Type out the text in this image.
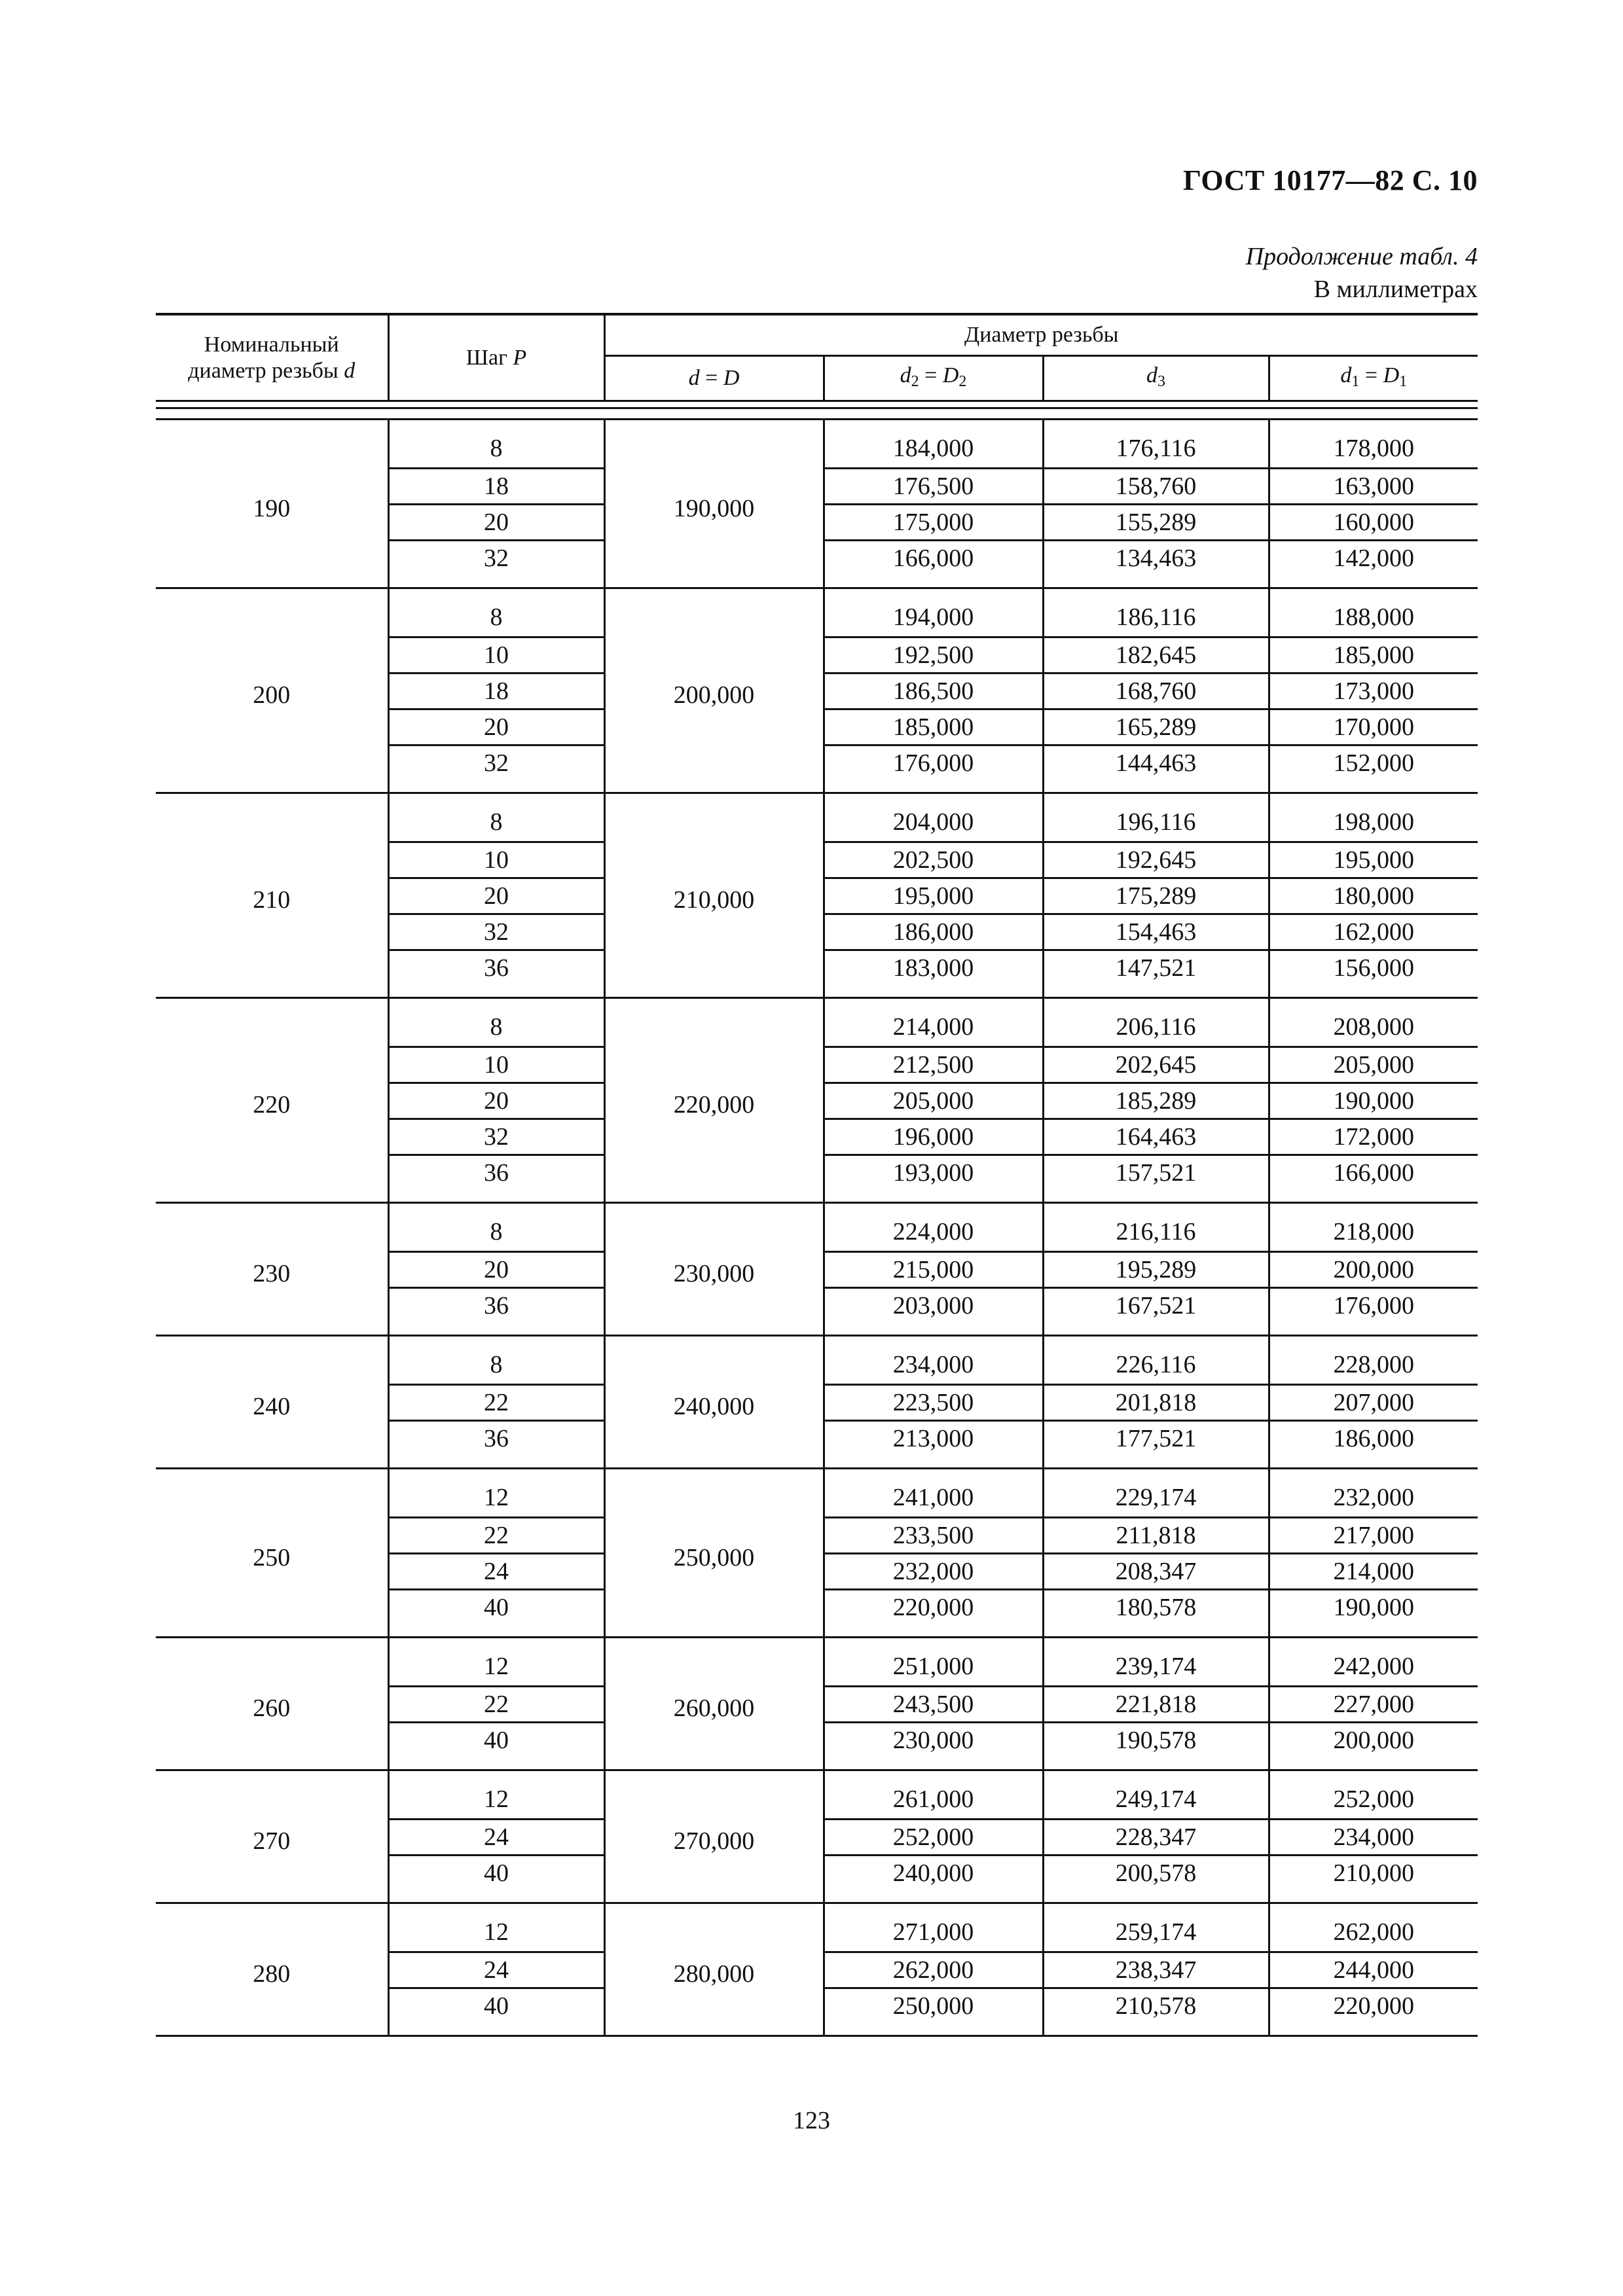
ГОСТ 10177—82 С. 10
Продолжение табл. 4
В миллиметрах
Номинальный
диаметр резьбы d	Шаг P	Диаметр резьбы			
		d = D	$d_2 = D_2$	$d_3$	$d_1 = D_1$

190	8	190,000	184,000	176,116	178,000
	18		176,500	158,760	163,000
	20		175,000	155,289	160,000
	32		166,000	134,463	142,000
200	8	200,000	194,000	186,116	188,000
	10		192,500	182,645	185,000
	18		186,500	168,760	173,000
	20		185,000	165,289	170,000
	32		176,000	144,463	152,000
210	8	210,000	204,000	196,116	198,000
	10		202,500	192,645	195,000
	20		195,000	175,289	180,000
	32		186,000	154,463	162,000
	36		183,000	147,521	156,000
220	8	220,000	214,000	206,116	208,000
	10		212,500	202,645	205,000
	20		205,000	185,289	190,000
	32		196,000	164,463	172,000
	36		193,000	157,521	166,000
230	8	230,000	224,000	216,116	218,000
	20		215,000	195,289	200,000
	36		203,000	167,521	176,000
240	8	240,000	234,000	226,116	228,000
	22		223,500	201,818	207,000
	36		213,000	177,521	186,000
250	12	250,000	241,000	229,174	232,000
	22		233,500	211,818	217,000
	24		232,000	208,347	214,000
	40		220,000	180,578	190,000
260	12	260,000	251,000	239,174	242,000
	22		243,500	221,818	227,000
	40		230,000	190,578	200,000
270	12	270,000	261,000	249,174	252,000
	24		252,000	228,347	234,000
	40		240,000	200,578	210,000
280	12	280,000	271,000	259,174	262,000
	24		262,000	238,347	244,000
	40		250,000	210,578	220,000
123
